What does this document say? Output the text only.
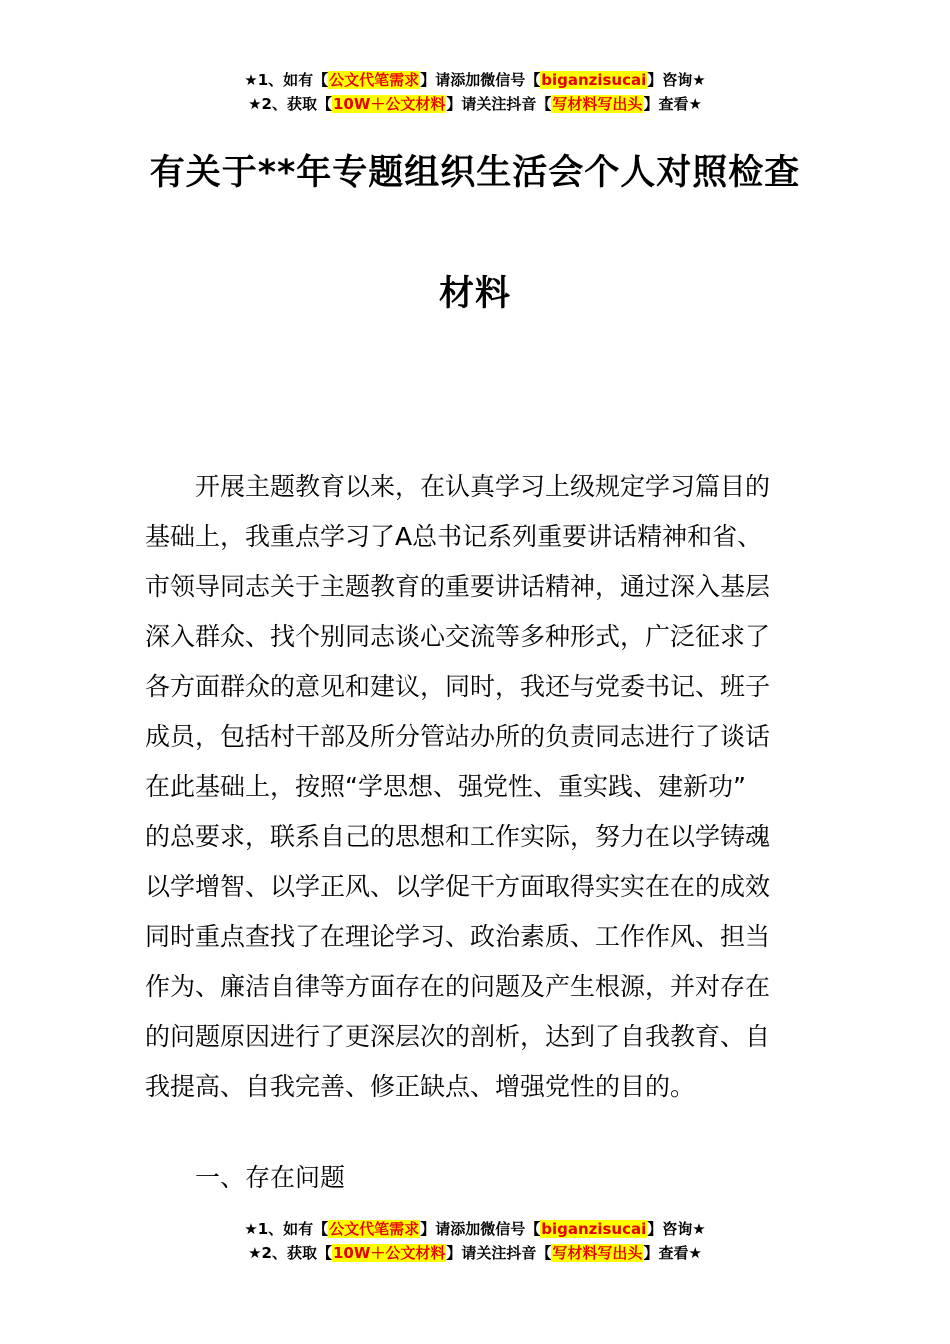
★1、如有【公文代笔需求】请添加微信号【biganzisucai】咨询★
★2、获取【10W＋公文材料】请关注抖音【写材料写出头】查看★
有关于**年专题组织生活会个人对照检查
材料
　　开展主题教育以来，在认真学习上级规定学习篇目的
基础上，我重点学习了A总书记系列重要讲话精神和省、
市领导同志关于主题教育的重要讲话精神，通过深入基层
深入群众、找个别同志谈心交流等多种形式，广泛征求了
各方面群众的意见和建议，同时，我还与党委书记、班子
成员，包括村干部及所分管站办所的负责同志进行了谈话
在此基础上，按照“学思想、强党性、重实践、建新功”
的总要求，联系自己的思想和工作实际，努力在以学铸魂
以学增智、以学正风、以学促干方面取得实实在在的成效
同时重点查找了在理论学习、政治素质、工作作风、担当
作为、廉洁自律等方面存在的问题及产生根源，并对存在
的问题原因进行了更深层次的剖析，达到了自我教育、自
我提高、自我完善、修正缺点、增强党性的目的。
一、存在问题
★1、如有【公文代笔需求】请添加微信号【biganzisucai】咨询★
★2、获取【10W＋公文材料】请关注抖音【写材料写出头】查看★
